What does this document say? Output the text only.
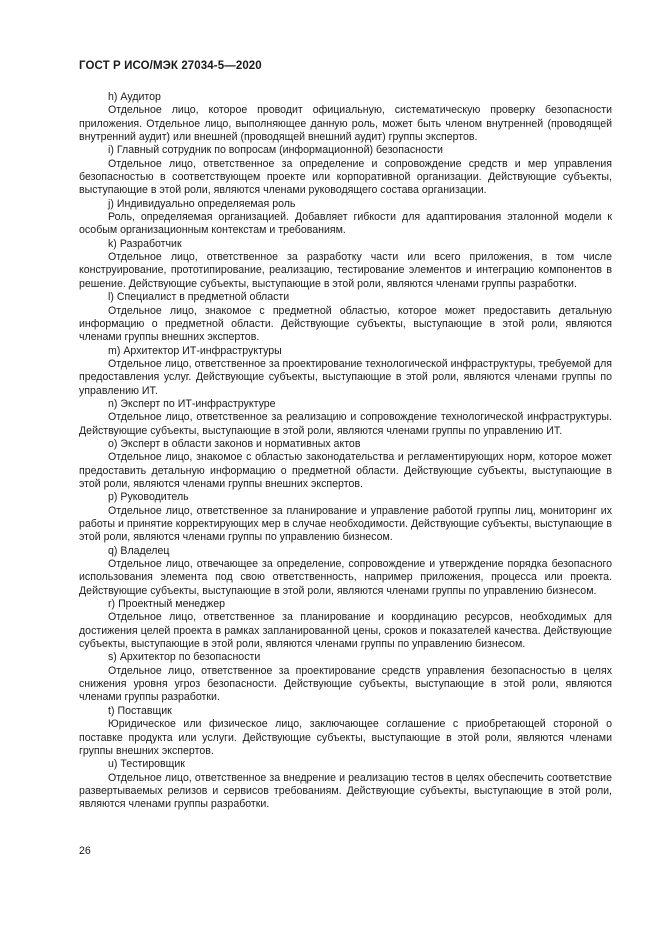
ГОСТ Р ИСО/МЭК 27034-5—2020

h) Аудитор

Отдельное лицо, которое проводит официальную, систематическую проверку безопасности приложения. Отдельное лицо, выполняющее данную роль, может быть членом внутренней (проводящей внутренний аудит) или внешней (проводящей внешний аудит) группы экспертов.

i) Главный сотрудник по вопросам (информационной) безопасности

Отдельное лицо, ответственное за определение и сопровождение средств и мер управления безопасностью в соответствующем проекте или корпоративной организации. Действующие субъекты, выступающие в этой роли, являются членами руководящего состава организации.

j) Индивидуально определяемая роль

Роль, определяемая организацией. Добавляет гибкости для адаптирования эталонной модели к особым организационным контекстам и требованиям.

k) Разработчик

Отдельное лицо, ответственное за разработку части или всего приложения, в том числе конструирование, прототипирование, реализацию, тестирование элементов и интеграцию компонентов в решение. Действующие субъекты, выступающие в этой роли, являются членами группы разработки.

l) Специалист в предметной области

Отдельное лицо, знакомое с предметной областью, которое может предоставить детальную информацию о предметной области. Действующие субъекты, выступающие в этой роли, являются членами группы внешних экспертов.

m) Архитектор ИТ-инфраструктуры

Отдельное лицо, ответственное за проектирование технологической инфраструктуры, требуемой для предоставления услуг. Действующие субъекты, выступающие в этой роли, являются членами группы по управлению ИТ.

n) Эксперт по ИТ-инфраструктуре

Отдельное лицо, ответственное за реализацию и сопровождение технологической инфраструктуры. Действующие субъекты, выступающие в этой роли, являются членами группы по управлению ИТ.

o) Эксперт в области законов и нормативных актов

Отдельное лицо, знакомое с областью законодательства и регламентирующих норм, которое может предоставить детальную информацию о предметной области. Действующие субъекты, выступающие в этой роли, являются членами группы внешних экспертов.

p) Руководитель

Отдельное лицо, ответственное за планирование и управление работой группы лиц, мониторинг их работы и принятие корректирующих мер в случае необходимости. Действующие субъекты, выступающие в этой роли, являются членами группы по управлению бизнесом.

q) Владелец

Отдельное лицо, отвечающее за определение, сопровождение и утверждение порядка безопасного использования элемента под свою ответственность, например приложения, процесса или проекта. Действующие субъекты, выступающие в этой роли, являются членами группы по управлению бизнесом.

r) Проектный менеджер

Отдельное лицо, ответственное за планирование и координацию ресурсов, необходимых для достижения целей проекта в рамках запланированной цены, сроков и показателей качества. Действующие субъекты, выступающие в этой роли, являются членами группы по управлению бизнесом.

s) Архитектор по безопасности

Отдельное лицо, ответственное за проектирование средств управления безопасностью в целях снижения уровня угроз безопасности. Действующие субъекты, выступающие в этой роли, являются членами группы разработки.

t) Поставщик

Юридическое или физическое лицо, заключающее соглашение с приобретающей стороной о поставке продукта или услуги. Действующие субъекты, выступающие в этой роли, являются членами группы внешних экспертов.

u) Тестировщик

Отдельное лицо, ответственное за внедрение и реализацию тестов в целях обеспечить соответствие развертываемых релизов и сервисов требованиям. Действующие субъекты, выступающие в этой роли, являются членами группы разработки.

26
